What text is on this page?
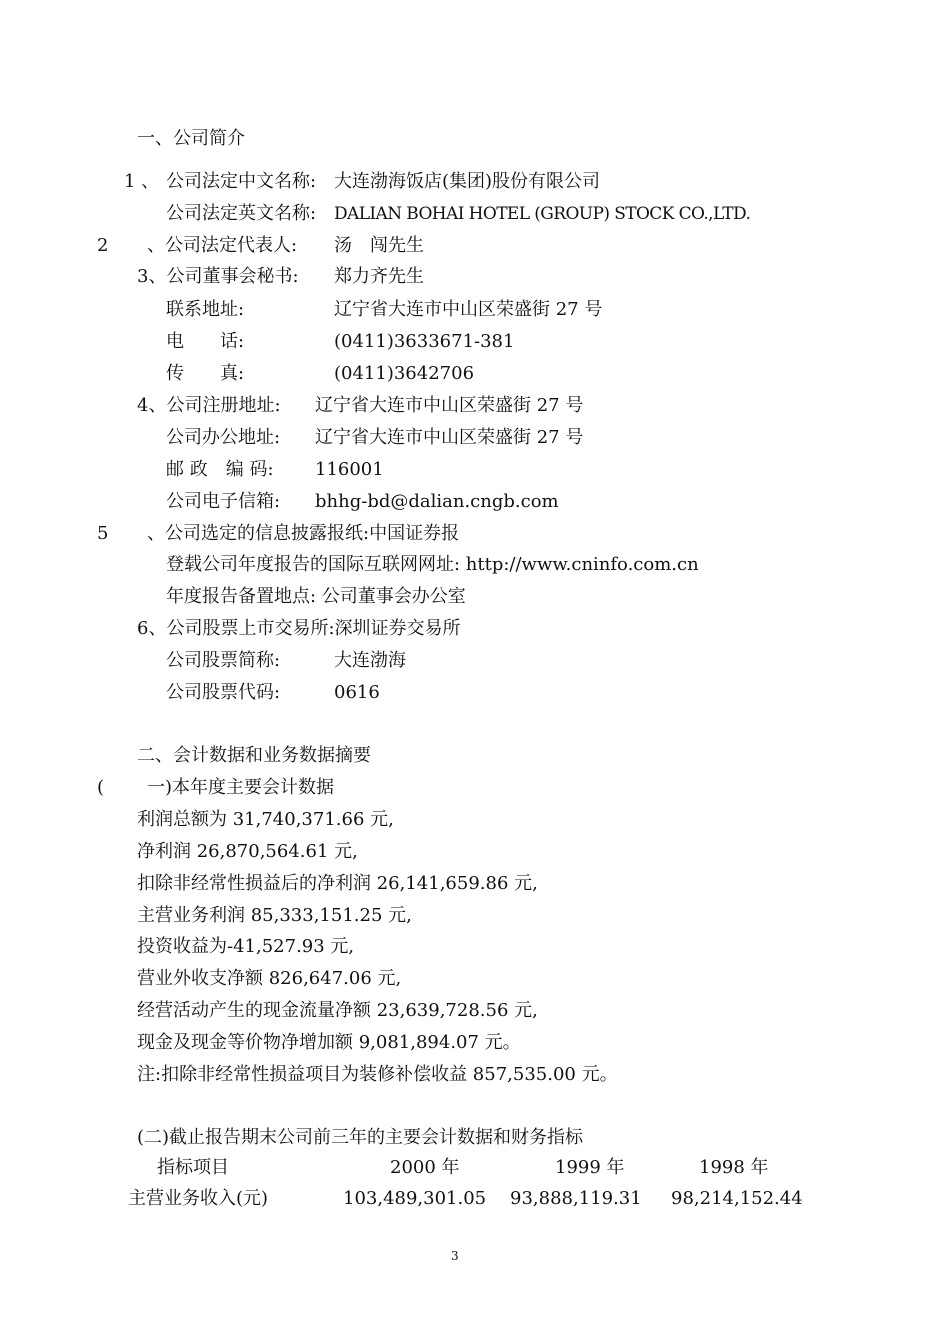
一、公司简介
1 、 公司法定中文名称: 大连渤海饭店(集团)股份有限公司
公司法定英文名称: DALIAN BOHAI HOTEL (GROUP) STOCK CO.,LTD.
2 、公司法定代表人: 汤　闯先生
3、公司董事会秘书: 郑力齐先生
联系地址:	辽宁省大连市中山区荣盛街 27 号
电　　话:	(0411)3633671-381
传　　真:	(0411)3642706
4、公司注册地址: 辽宁省大连市中山区荣盛街 27 号
公司办公地址: 辽宁省大连市中山区荣盛街 27 号
邮 政　编 码: 116001
公司电子信箱: bhhg-bd@dalian.cngb.com
5 、公司选定的信息披露报纸:中国证券报
登载公司年度报告的国际互联网网址: http://www.cninfo.com.cn
年度报告备置地点: 公司董事会办公室
6、公司股票上市交易所:深圳证券交易所
公司股票简称:	大连渤海
公司股票代码:	0616
二、会计数据和业务数据摘要
( 一)本年度主要会计数据
利润总额为 31,740,371.66 元,
净利润 26,870,564.61 元,
扣除非经常性损益后的净利润 26,141,659.86 元,
主营业务利润 85,333,151.25 元,
投资收益为-41,527.93 元,
营业外收支净额 826,647.06 元,
经营活动产生的现金流量净额 23,639,728.56 元,
现金及现金等价物净增加额 9,081,894.07 元。
注:扣除非经常性损益项目为装修补偿收益 857,535.00 元。
(二)截止报告期末公司前三年的主要会计数据和财务指标
指标项目	2000 年	1999 年	1998 年
主营业务收入(元)	103,489,301.05 93,888,119.31 98,214,152.44
3
